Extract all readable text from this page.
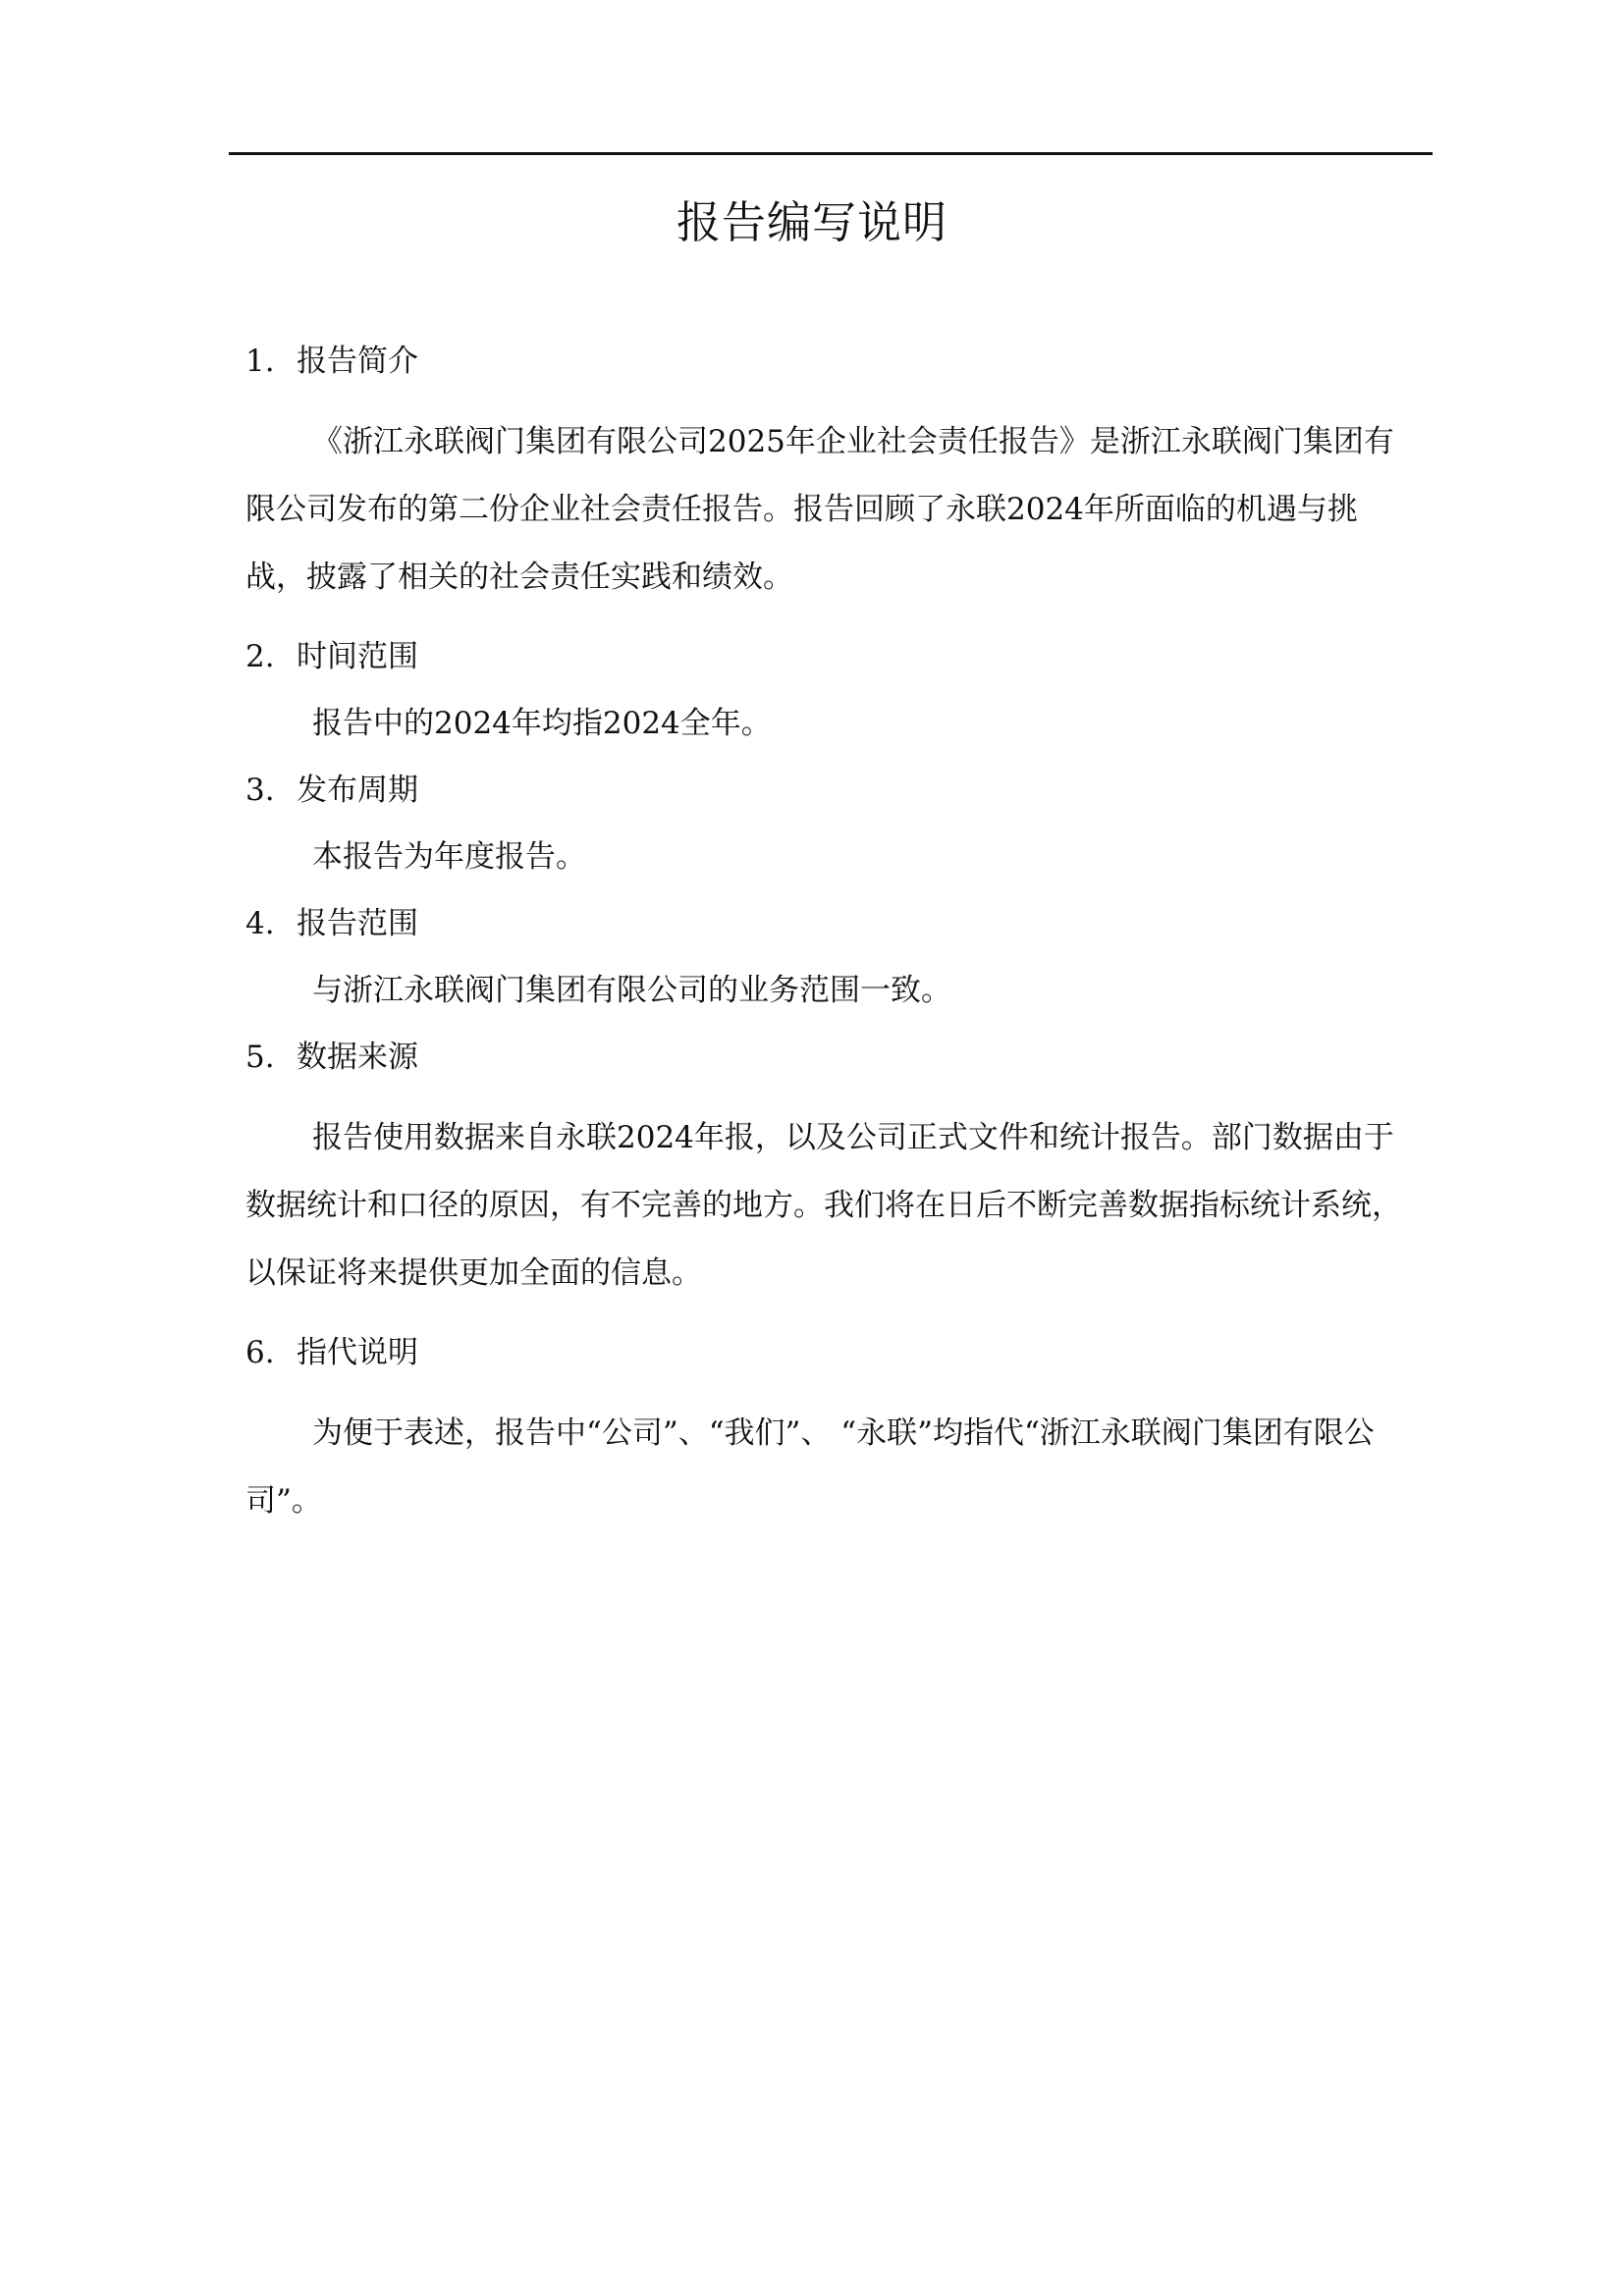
报告编写说明

1. 报告简介

《浙江永联阀门集团有限公司2025年企业社会责任报告》是浙江永联阀门集团有限公司发布的第二份企业社会责任报告。报告回顾了永联2024年所面临的机遇与挑战，披露了相关的社会责任实践和绩效。

2. 时间范围

报告中的2024年均指2024全年。

3. 发布周期

本报告为年度报告。

4. 报告范围

与浙江永联阀门集团有限公司的业务范围一致。

5. 数据来源

报告使用数据来自永联2024年报，以及公司正式文件和统计报告。部门数据由于数据统计和口径的原因，有不完善的地方。我们将在日后不断完善数据指标统计系统，以保证将来提供更加全面的信息。

6. 指代说明

为便于表述，报告中“公司”、“我们”、 “永联”均指代“浙江永联阀门集团有限公司”。
